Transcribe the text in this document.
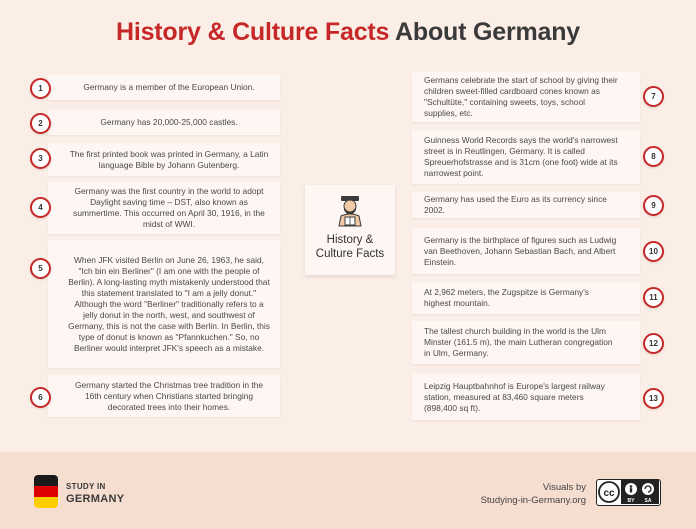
History & Culture Facts About Germany
Germany is a member of the European Union.
1
Germany has 20,000-25,000 castles.
2
The first printed book was printed in Germany, a Latin language Bible by Johann Gutenberg.
3
Germany was the first country in the world to adopt Daylight saving time – DST, also known as summertime. This occurred on April 30, 1916, in the midst of WWI.
4
When JFK visited Berlin on June 26, 1963, he said, "Ich bin ein Berliner" (I am one with the people of Berlin). A long-lasting myth mistakenly understood that this statement translated to "I am a jelly donut." Although the word "Berliner" traditionally refers to a jelly donut in the north, west, and southwest of Germany, this is not the case with Berlin. In Berlin, this type of donut is known as "Pfannkuchen." So, no Berliner would interpret JFK's speech as a mistake.
5
Germany started the Christmas tree tradition in the 16th century when Christians started bringing decorated trees into their homes.
6
Germans celebrate the start of school by giving their children sweet-filled cardboard cones known as "Schultüte," containing sweets, toys, school supplies, etc.
7
Guinness World Records says the world's narrowest street is in Reutlingen, Germany. It is called Spreuerhofstrasse and is 31cm (one foot) wide at its narrowest point.
8
Germany has used the Euro as its currency since 2002.	9
Germany is the birthplace of figures such as Ludwig van Beethoven, Johann Sebastian Bach, and Albert Einstein.
10
At 2,962 meters, the Zugspitze is Germany's highest mountain.
11
The tallest church building in the world is the Ulm Minster (161.5 m), the main Lutheran congregation in Ulm, Germany.
12
Leipzig Hauptbahnhof is Europe's largest railway station, measured at 83,460 square meters (898,400 sq ft).
13
History &
Culture Facts
STUDY IN
GERMANY
Visuals by
Studying-in-Germany.org
cc
BY SA
